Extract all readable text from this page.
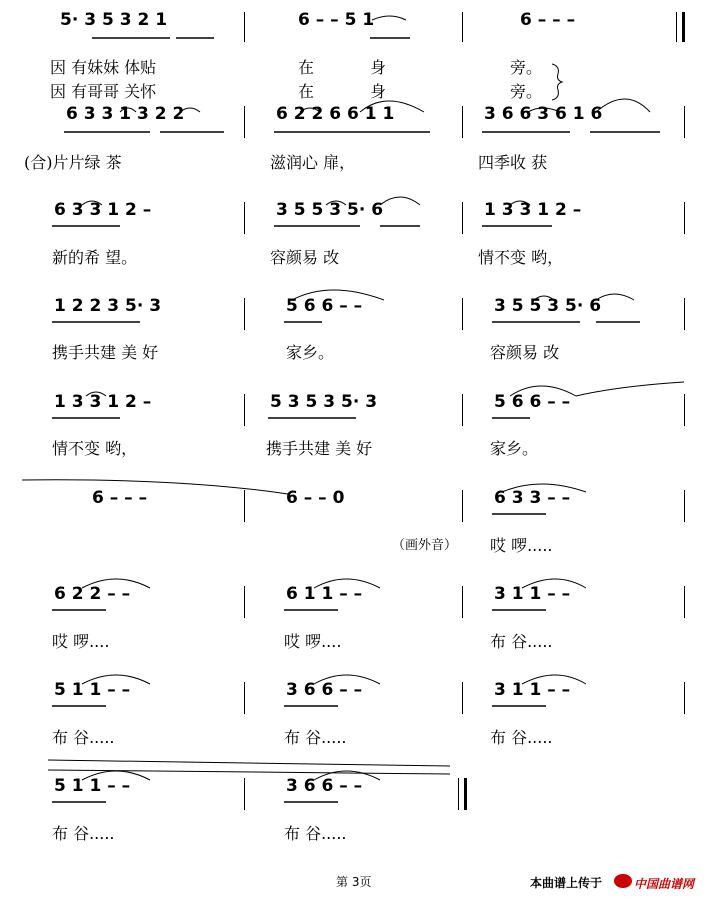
第 3页	本曲谱上传于	中国曲谱网
5· 3 5 3 2 1	6 – – 5 1	6 – – –
因 有妹妹 体贴	在	身	旁。
因 有哥哥 关怀	在	身	旁。
6 3 3 1 3 2 2	6 2 2 6 6 1 1	3 6 6 3 6 1 6
(合)片片绿 茶	滋润心 扉，	四季收 获
6 3 3 1 2 –	3 5 5 3 5· 6	1 3 3 1 2 –
新的希 望。	容颜易 改	情不变 哟，
1 2 2 3 5· 3	5 6 6 – –	3 5 5 3 5· 6
携手共建 美 好	家乡。	容颜易 改
1 3 3 1 2 –	5 3 5 3 5· 3	5 6 6 – –
情不变 哟，	携手共建 美 好	家乡。
6 – – –	6 – – 0	6 3 3 – –
（画外音） 哎 啰.....
6 2 2 – –	6 1 1 – –	3 1 1 – –
哎 啰....	哎 啰....	布 谷.....
5 1 1 – –	3 6 6 – –	3 1 1 – –
布 谷.....	布 谷.....	布 谷.....
5 1 1 – –	3 6 6 – –
布 谷.....	布 谷.....
